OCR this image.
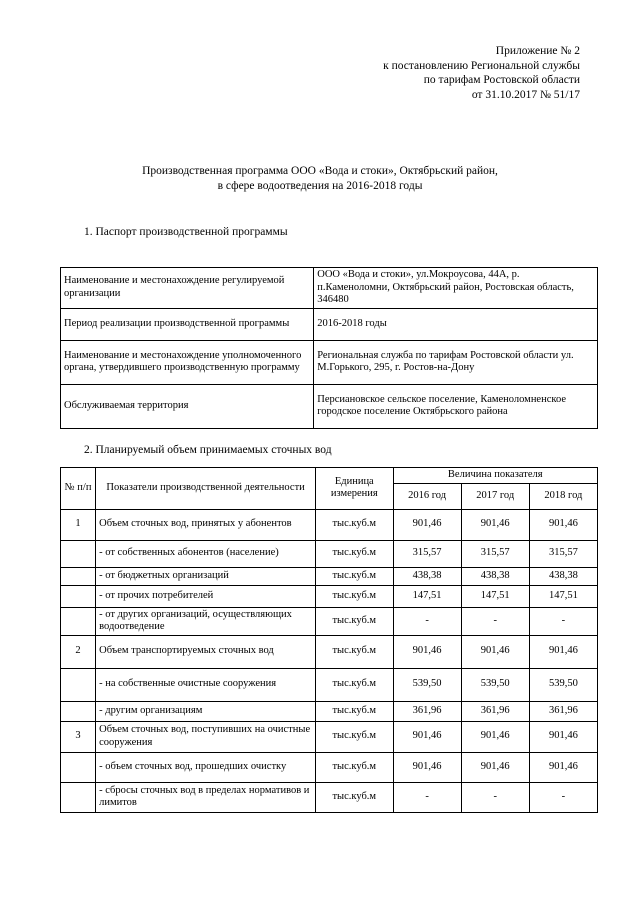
Приложение № 2
к постановлению Региональной службы
по тарифам Ростовской области
от 31.10.2017 № 51/17
Производственная программа ООО «Вода и стоки», Октябрьский район,
в сфере водоотведения на 2016-2018 годы
1. Паспорт производственной программы
Наименование и местонахождение регулируемой организации	ООО «Вода и стоки», ул.Мокроусова, 44А, р. п.Каменоломни, Октябрьский район, Ростовская область, 346480
Период реализации производственной программы	2016-2018 годы
Наименование и местонахождение уполномоченного органа, утвердившего производственную программу	Региональная служба по тарифам Ростовской области ул. М.Горького, 295, г. Ростов-на-Дону
Обслуживаемая территория	Персиановское сельское поселение, Каменоломненское городское поселение Октябрьского района
2. Планируемый объем принимаемых сточных вод
№ п/п	Показатели производственной деятельности	Единица измерения	Величина показателя		
			2016 год	2017 год	2018 год
1	Объем сточных вод, принятых у абонентов	тыс.куб.м	901,46	901,46	901,46
	- от собственных абонентов (население)	тыс.куб.м	315,57	315,57	315,57
	- от бюджетных организаций	тыс.куб.м	438,38	438,38	438,38
	- от прочих потребителей	тыс.куб.м	147,51	147,51	147,51
	- от других организаций, осуществляющих водоотведение	тыс.куб.м	-	-	-
2	Объем транспортируемых сточных вод	тыс.куб.м	901,46	901,46	901,46
	- на собственные очистные сооружения	тыс.куб.м	539,50	539,50	539,50
	- другим организациям	тыс.куб.м	361,96	361,96	361,96
3	Объем сточных вод, поступивших на очистные сооружения	тыс.куб.м	901,46	901,46	901,46
	- объем сточных вод, прошедших очистку	тыс.куб.м	901,46	901,46	901,46
	- сбросы сточных вод в пределах нормативов и лимитов	тыс.куб.м	-	-	-
